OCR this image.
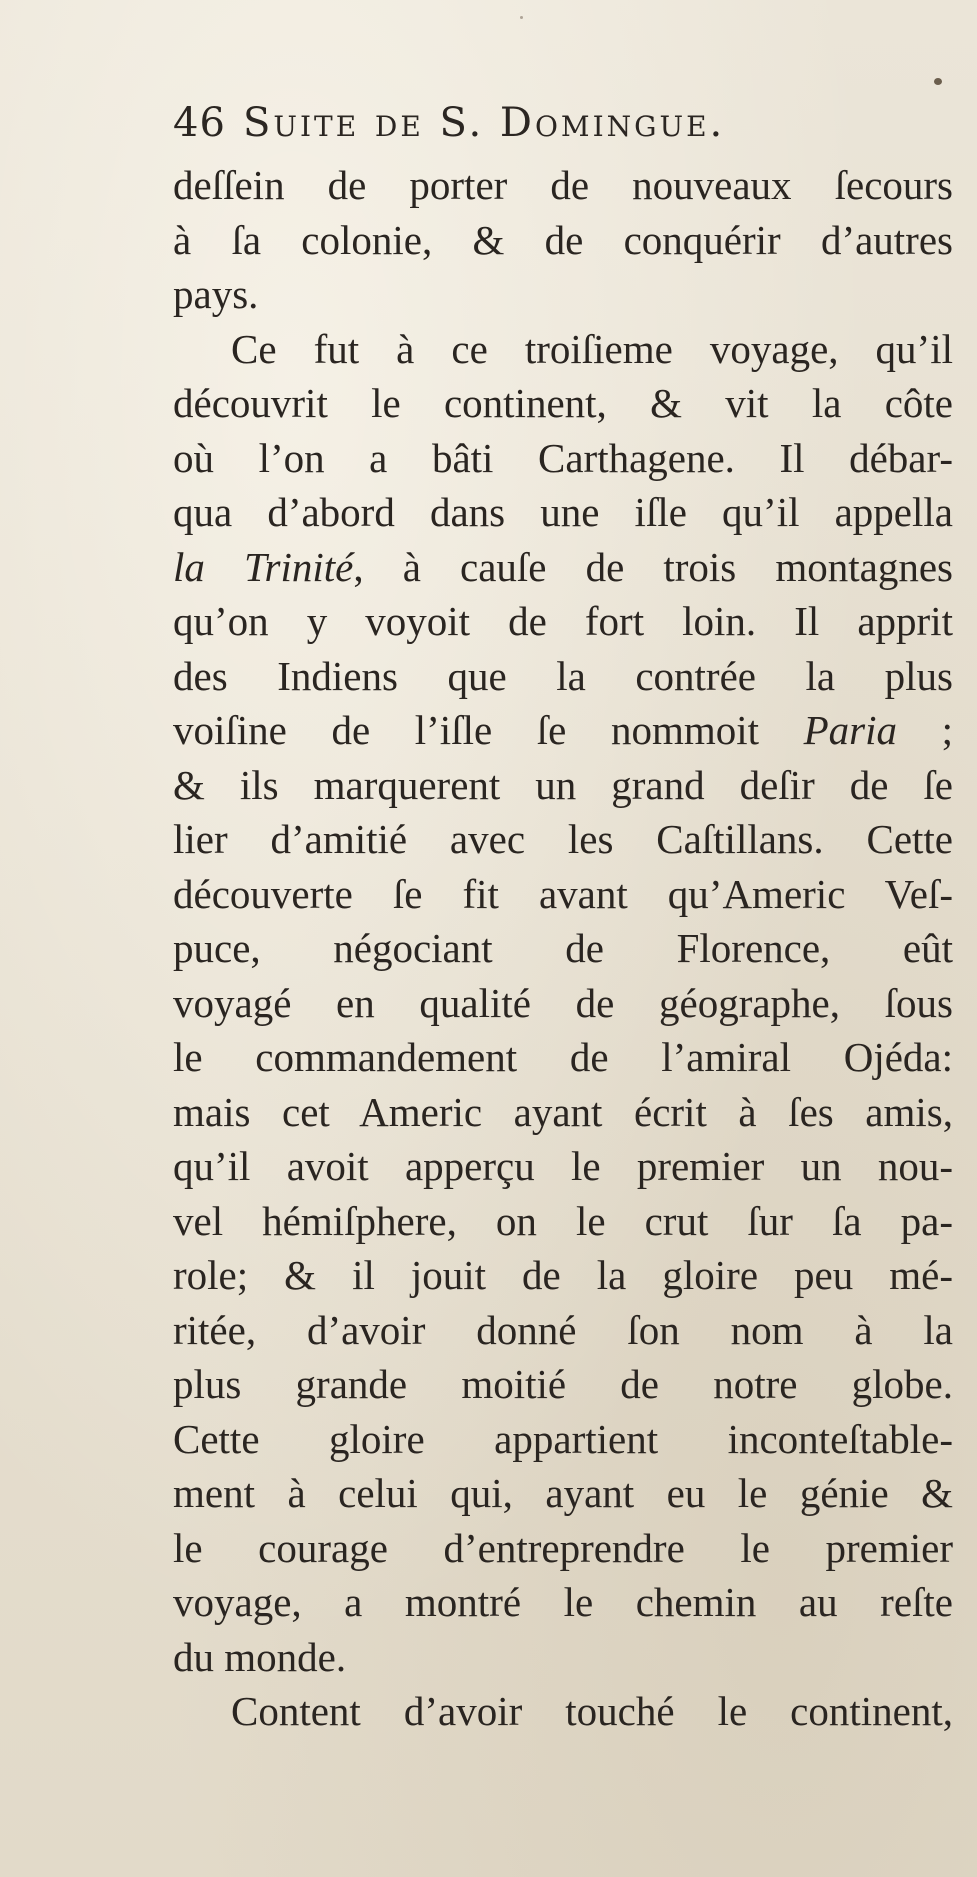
46 Suite de S. Domingue.
deſſein de porter de nouveaux ſecours
à ſa colonie, & de conquérir d’autres
pays.
Ce fut à ce troiſieme voyage, qu’il
découvrit le continent, & vit la côte
où l’on a bâti Carthagene. Il débar-
qua d’abord dans une iſle qu’il appella
la Trinité, à cauſe de trois montagnes
qu’on y voyoit de fort loin. Il apprit
des Indiens que la contrée la plus
voiſine de l’iſle ſe nommoit Paria ;
& ils marquerent un grand deſir de ſe
lier d’amitié avec les Caſtillans. Cette
découverte ſe fit avant qu’Americ Veſ-
puce, négociant de Florence, eût
voyagé en qualité de géographe, ſous
le commandement de l’amiral Ojéda:
mais cet Americ ayant écrit à ſes amis,
qu’il avoit apperçu le premier un nou-
vel hémiſphere, on le crut ſur ſa pa-
role; & il jouit de la gloire peu mé-
ritée, d’avoir donné ſon nom à la
plus grande moitié de notre globe.
Cette gloire appartient inconteſtable-
ment à celui qui, ayant eu le génie &
le courage d’entreprendre le premier
voyage, a montré le chemin au reſte
du monde.
Content d’avoir touché le continent,
